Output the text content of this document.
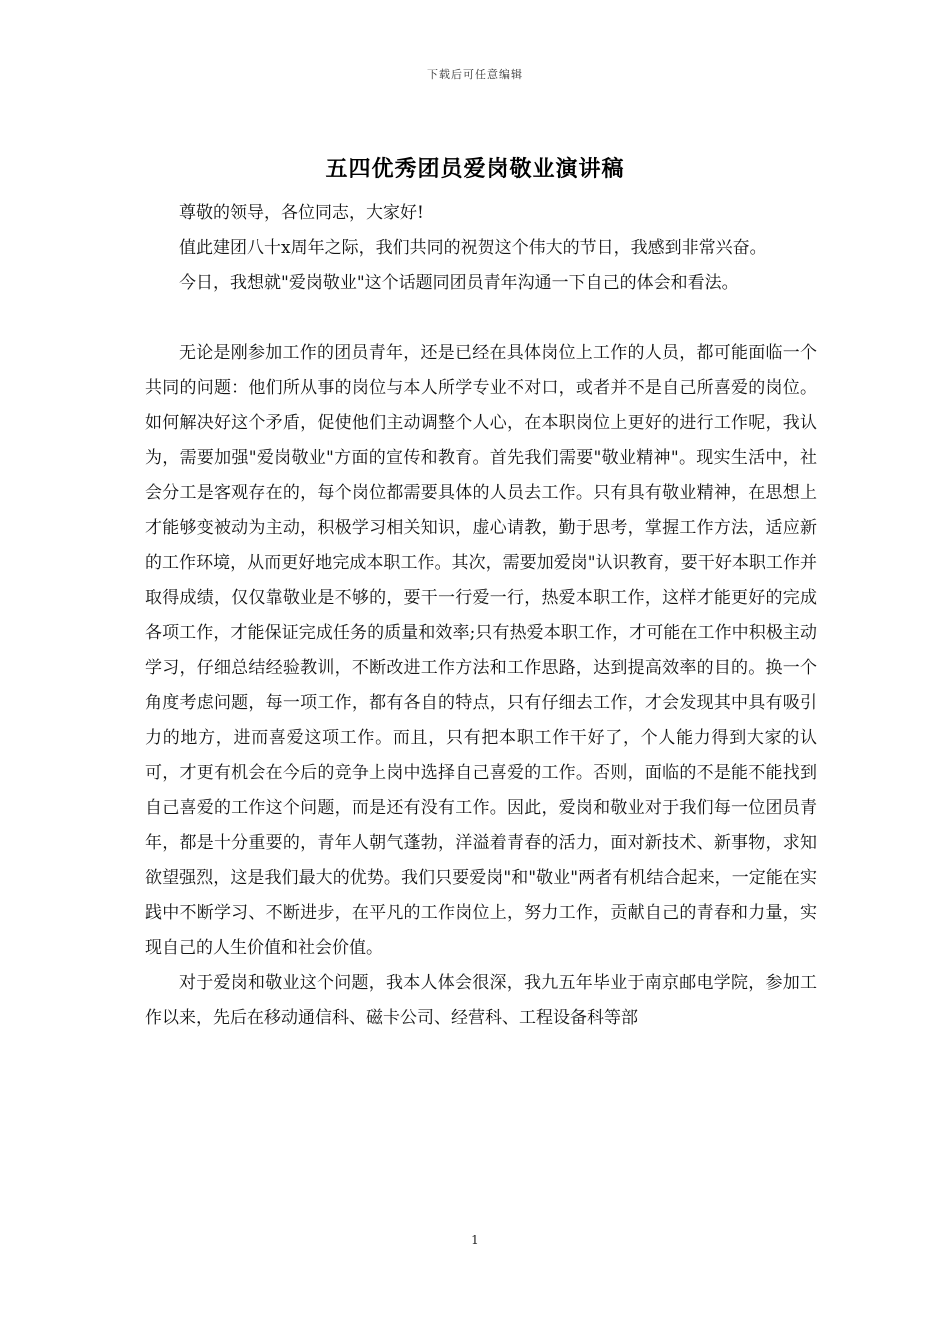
下载后可任意编辑
五四优秀团员爱岗敬业演讲稿

尊敬的领导，各位同志，大家好!

值此建团八十x周年之际，我们共同的祝贺这个伟大的节日，我感到非常兴奋。

今日，我想就"爱岗敬业"这个话题同团员青年沟通一下自己的体会和看法。

无论是刚参加工作的团员青年，还是已经在具体岗位上工作的人员，都可能面临一个共同的问题：他们所从事的岗位与本人所学专业不对口，或者并不是自己所喜爱的岗位。如何解决好这个矛盾，促使他们主动调整个人心，在本职岗位上更好的进行工作呢，我认为，需要加强"爱岗敬业"方面的宣传和教育。首先我们需要"敬业精神"。现实生活中，社会分工是客观存在的，每个岗位都需要具体的人员去工作。只有具有敬业精神，在思想上才能够变被动为主动，积极学习相关知识，虚心请教，勤于思考，掌握工作方法，适应新的工作环境，从而更好地完成本职工作。其次，需要加爱岗"认识教育，要干好本职工作并取得成绩，仅仅靠敬业是不够的，要干一行爱一行，热爱本职工作，这样才能更好的完成各项工作，才能保证完成任务的质量和效率;只有热爱本职工作，才可能在工作中积极主动学习，仔细总结经验教训，不断改进工作方法和工作思路，达到提高效率的目的。换一个角度考虑问题，每一项工作，都有各自的特点，只有仔细去工作，才会发现其中具有吸引力的地方，进而喜爱这项工作。而且，只有把本职工作干好了，个人能力得到大家的认可，才更有机会在今后的竞争上岗中选择自己喜爱的工作。否则，面临的不是能不能找到自己喜爱的工作这个问题，而是还有没有工作。因此，爱岗和敬业对于我们每一位团员青年，都是十分重要的，青年人朝气蓬勃，洋溢着青春的活力，面对新技术、新事物，求知欲望强烈，这是我们最大的优势。我们只要爱岗"和"敬业"两者有机结合起来，一定能在实践中不断学习、不断进步，在平凡的工作岗位上，努力工作，贡献自己的青春和力量，实现自己的人生价值和社会价值。

对于爱岗和敬业这个问题，我本人体会很深，我九五年毕业于南京邮电学院，参加工作以来，先后在移动通信科、磁卡公司、经营科、工程设备科等部

1
